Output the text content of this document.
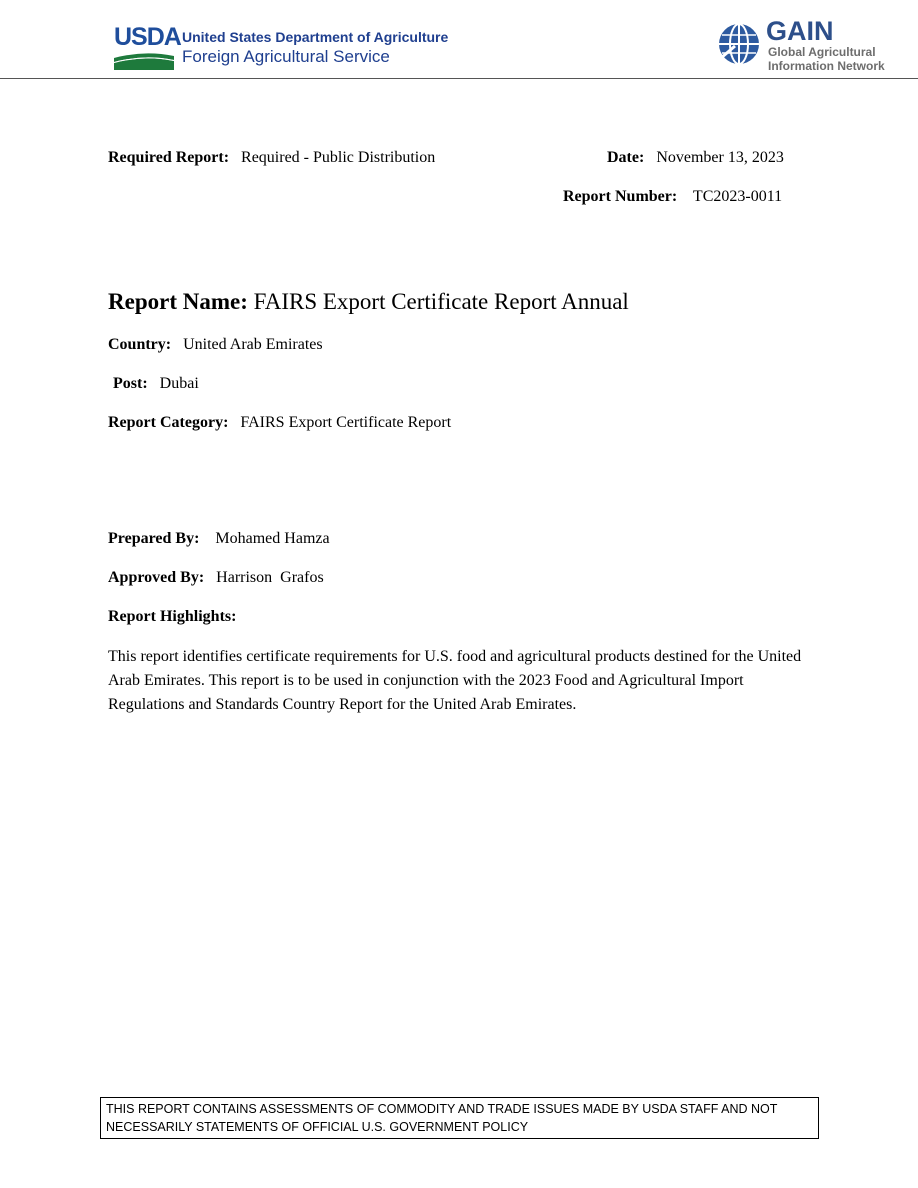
USDA United States Department of Agriculture
Foreign Agricultural Service
GAIN
Global Agricultural
Information Network
Required Report: Required - Public Distribution	Date: November 13, 2023
Report Number: TC2023-0011
Report Name: FAIRS Export Certificate Report Annual
Country: United Arab Emirates
Post: Dubai
Report Category: FAIRS Export Certificate Report
Prepared By: Mohamed Hamza
Approved By: Harrison  Grafos
Report Highlights:
This report identifies certificate requirements for U.S. food and agricultural products destined for the United Arab Emirates. This report is to be used in conjunction with the 2023 Food and Agricultural Import Regulations and Standards Country Report for the United Arab Emirates.
THIS REPORT CONTAINS ASSESSMENTS OF COMMODITY AND TRADE ISSUES MADE BY USDA STAFF AND NOT
NECESSARILY STATEMENTS OF OFFICIAL U.S. GOVERNMENT POLICY
